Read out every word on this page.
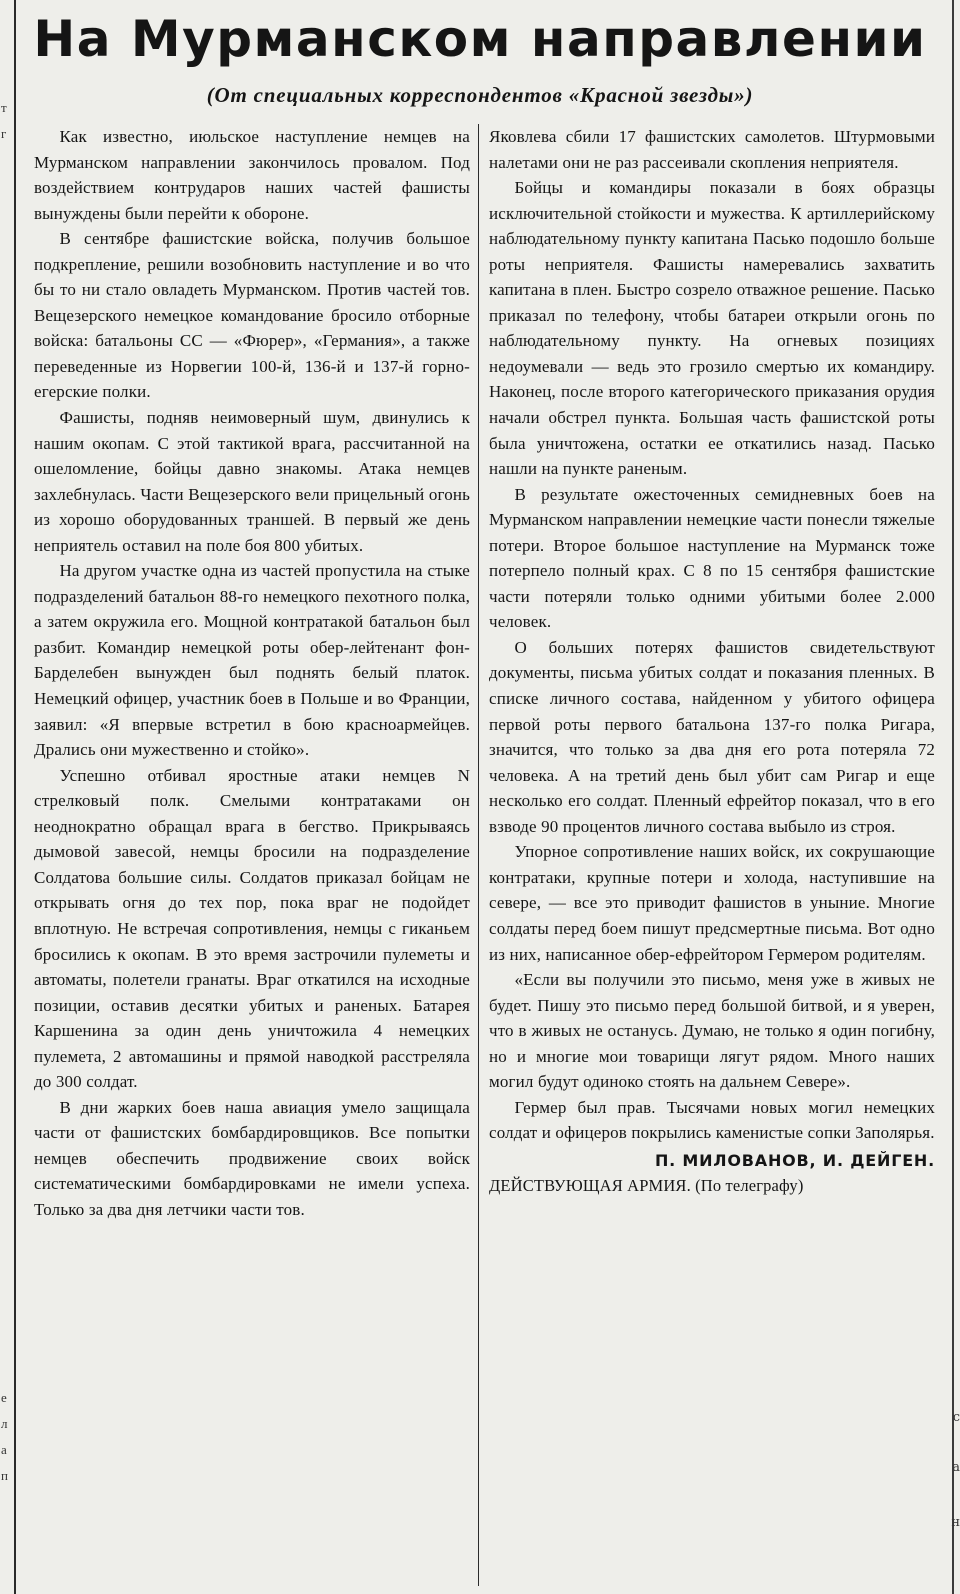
т
г
е
л
а
п
с
а
н
На Мурманском направлении
(От специальных корреспондентов «Красной звезды»)

Как известно, июльское наступление немцев на Мурманском направлении закончилось провалом. Под воздействием контрударов наших частей фашисты вынуждены были перейти к обороне.

В сентябре фашистские войска, получив большое подкрепление, решили возобновить наступление и во что бы то ни стало овладеть Мурманском. Против частей тов. Вещезерского немецкое командование бросило отборные войска: батальоны СС — «Фюрер», «Германия», а также переведенные из Норвегии 100-й, 136-й и 137-й горно-егерские полки.

Фашисты, подняв неимоверный шум, двинулись к нашим окопам. С этой тактикой врага, рассчитанной на ошеломление, бойцы давно знакомы. Атака немцев захлебнулась. Части Вещезерского вели прицельный огонь из хорошо оборудованных траншей. В первый же день неприятель оставил на поле боя 800 убитых.

На другом участке одна из частей пропустила на стыке подразделений батальон 88-го немецкого пехотного полка, а затем окружила его. Мощной контратакой батальон был разбит. Командир немецкой роты обер-лейтенант фон-Барделебен вынужден был поднять белый платок. Немецкий офицер, участник боев в Польше и во Франции, заявил: «Я впервые встретил в бою красноармейцев. Дрались они мужественно и стойко».

Успешно отбивал яростные атаки немцев N стрелковый полк. Смелыми контратаками он неоднократно обращал врага в бегство. Прикрываясь дымовой завесой, немцы бросили на подразделение Солдатова большие силы. Солдатов приказал бойцам не открывать огня до тех пор, пока враг не подойдет вплотную. Не встречая сопротивления, немцы с гиканьем бросились к окопам. В это время застрочили пулеметы и автоматы, полетели гранаты. Враг откатился на исходные позиции, оставив десятки убитых и раненых. Батарея Каршенина за один день уничтожила 4 немецких пулемета, 2 автомашины и прямой наводкой расстреляла до 300 солдат.

В дни жарких боев наша авиация умело защищала части от фашистских бомбардировщиков. Все попытки немцев обеспечить продвижение своих войск систематическими бомбардировками не имели успеха. Только за два дня летчики части тов.

Яковлева сбили 17 фашистских самолетов. Штурмовыми налетами они не раз рассеивали скопления неприятеля.

Бойцы и командиры показали в боях образцы исключительной стойкости и мужества. К артиллерийскому наблюдательному пункту капитана Пасько подошло больше роты неприятеля. Фашисты намеревались захватить капитана в плен. Быстро созрело отважное решение. Пасько приказал по телефону, чтобы батареи открыли огонь по наблюдательному пункту. На огневых позициях недоумевали — ведь это грозило смертью их командиру. Наконец, после второго категорического приказания орудия начали обстрел пункта. Большая часть фашистской роты была уничтожена, остатки ее откатились назад. Пасько нашли на пункте раненым.

В результате ожесточенных семидневных боев на Мурманском направлении немецкие части понесли тяжелые потери. Второе большое наступление на Мурманск тоже потерпело полный крах. С 8 по 15 сентября фашистские части потеряли только одними убитыми более 2.000 человек.

О больших потерях фашистов свидетельствуют документы, письма убитых солдат и показания пленных. В списке личного состава, найденном у убитого офицера первой роты первого батальона 137-го полка Ригара, значится, что только за два дня его рота потеряла 72 человека. А на третий день был убит сам Ригар и еще несколько его солдат. Пленный ефрейтор показал, что в его взводе 90 процентов личного состава выбыло из строя.

Упорное сопротивление наших войск, их сокрушающие контратаки, крупные потери и холода, наступившие на севере, — все это приводит фашистов в уныние. Многие солдаты перед боем пишут предсмертные письма. Вот одно из них, написанное обер-ефрейтором Гермером родителям.

«Если вы получили это письмо, меня уже в живых не будет. Пишу это письмо перед большой битвой, и я уверен, что в живых не останусь. Думаю, не только я один погибну, но и многие мои товарищи лягут рядом. Много наших могил будут одиноко стоять на дальнем Севере».

Гермер был прав. Тысячами новых могил немецких солдат и офицеров покрылись каменистые сопки Заполярья.

П. МИЛОВАНОВ, И. ДЕЙГЕН.

ДЕЙСТВУЮЩАЯ АРМИЯ. (По телеграфу)
